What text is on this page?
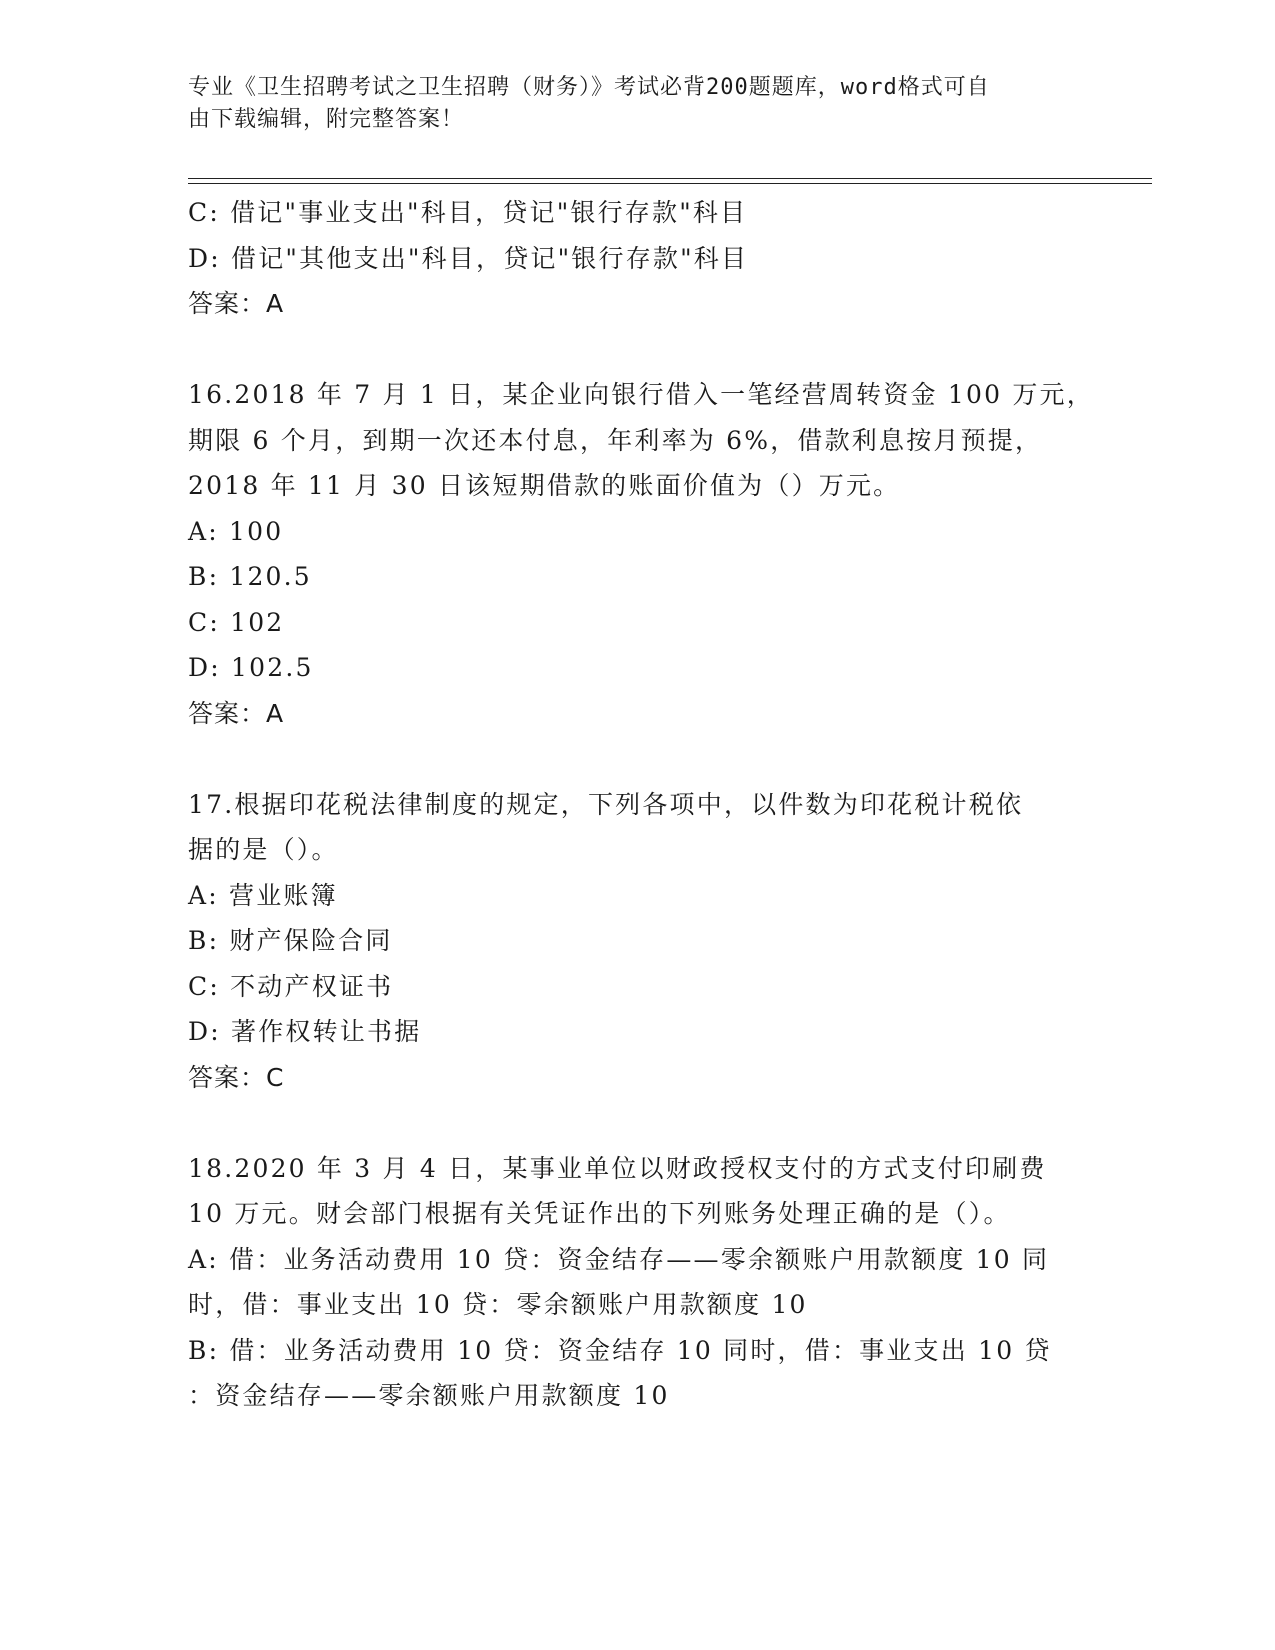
专业《卫生招聘考试之卫生招聘（财务）》考试必背200题题库，word格式可自
由下载编辑，附完整答案！
C: 借记"事业支出"科目，贷记"银行存款"科目
D: 借记"其他支出"科目，贷记"银行存款"科目
答案：A
16.2018 年 7 月 1 日，某企业向银行借入一笔经营周转资金 100 万元，
期限 6 个月，到期一次还本付息，年利率为 6%，借款利息按月预提，
2018 年 11 月 30 日该短期借款的账面价值为（）万元。
A: 100
B: 120.5
C: 102
D: 102.5
答案：A
17.根据印花税法律制度的规定，下列各项中，以件数为印花税计税依
据的是（）。
A: 营业账簿
B: 财产保险合同
C: 不动产权证书
D: 著作权转让书据
答案：C
18.2020 年 3 月 4 日，某事业单位以财政授权支付的方式支付印刷费
10 万元。财会部门根据有关凭证作出的下列账务处理正确的是（）。
A: 借：业务活动费用 10 贷：资金结存——零余额账户用款额度 10 同
时，借：事业支出 10 贷：零余额账户用款额度 10
B: 借：业务活动费用 10 贷：资金结存 10 同时，借：事业支出 10 贷
：资金结存——零余额账户用款额度 10
